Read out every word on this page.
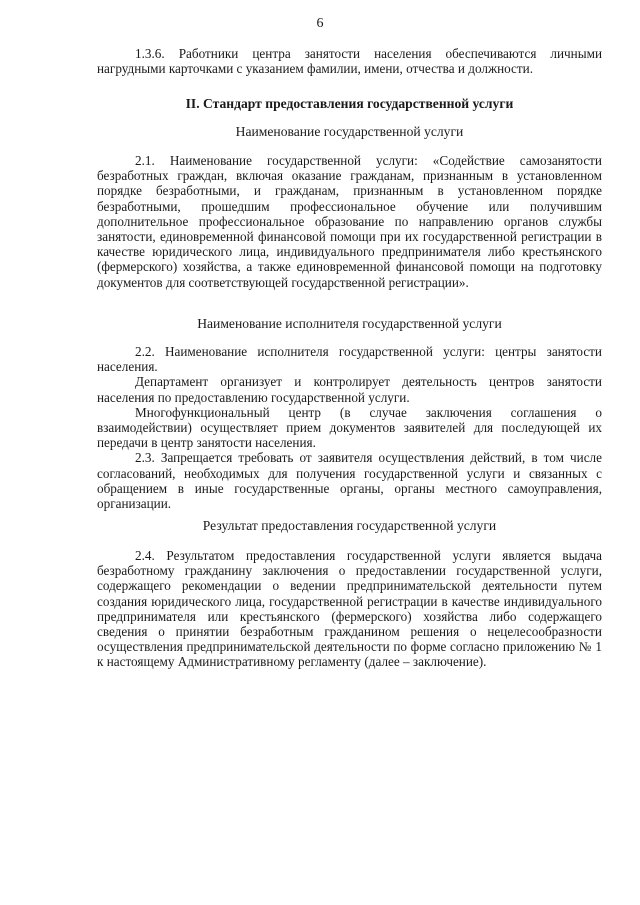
6

1.3.6. Работники центра занятости населения обеспечиваются личными нагрудными карточками с указанием фамилии, имени, отчества и должности.

II. Стандарт предоставления государственной услуги
Наименование государственной услуги

2.1. Наименование государственной услуги: «Содействие самозанятости безработных граждан, включая оказание гражданам, признанным в установленном порядке безработными, и гражданам, признанным в установленном порядке безработными, прошедшим профессиональное обучение или получившим дополнительное профессиональное образование по направлению органов службы занятости, единовременной финансовой помощи при их государственной регистрации в качестве юридического лица, индивидуального предпринимателя либо крестьянского (фермерского) хозяйства, а также единовременной финансовой помощи на подготовку документов для соответствующей государственной регистрации».

Наименование исполнителя государственной услуги

2.2. Наименование исполнителя государственной услуги: центры занятости населения.

Департамент организует и контролирует деятельность центров занятости населения по предоставлению государственной услуги.

Многофункциональный центр (в случае заключения соглашения о взаимодействии) осуществляет прием документов заявителей для последующей их передачи в центр занятости населения.

2.3. Запрещается требовать от заявителя осуществления действий, в том числе согласований, необходимых для получения государственной услуги и связанных с обращением в иные государственные органы, органы местного самоуправления, организации.

Результат предоставления государственной услуги

2.4. Результатом предоставления государственной услуги является выдача безработному гражданину заключения о предоставлении государственной услуги, содержащего рекомендации о ведении предпринимательской деятельности путем создания юридического лица, государственной регистрации в качестве индивидуального предпринимателя или крестьянского (фермерского) хозяйства либо содержащего сведения о принятии безработным гражданином решения о нецелесообразности осуществления предпринимательской деятельности по форме согласно приложению № 1 к настоящему Административному регламенту (далее – заключение).
